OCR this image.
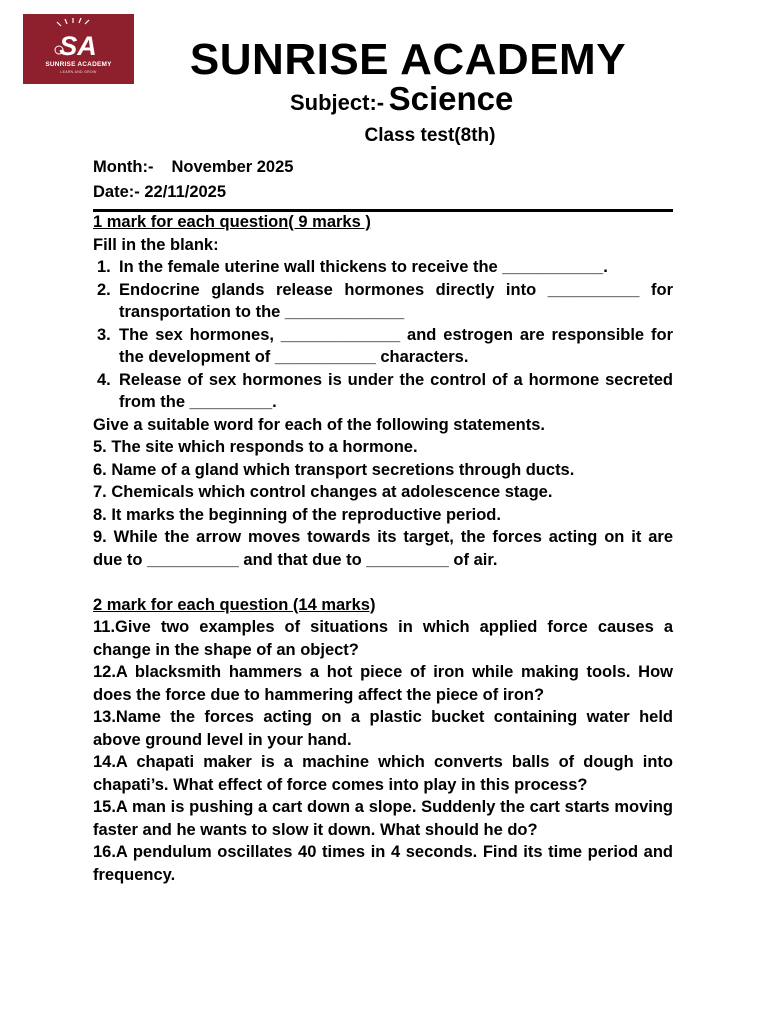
SA
SUNRISE ACADEMY
LEARN AND GROW	SUNRISE ACADEMY
Subject:- Science
Class test(8th)
Month:- November 2025
Date:- 22/11/2025

1 mark for each question( 9 marks )

Fill in the blank:

1. In the female uterine wall thickens to receive the ___________.
2. Endocrine glands release hormones directly into __________ for transportation to the _____________
3. The sex hormones, _____________ and estrogen are responsible for the development of ___________ characters.
4. Release of sex hormones is under the control of a hormone secreted from the _________.

Give a suitable word for each of the following statements.

5. The site which responds to a hormone.

6. Name of a gland which transport secretions through ducts.

7. Chemicals which control changes at adolescence stage.

8. It marks the beginning of the reproductive period.

9. While the arrow moves towards its target, the forces acting on it are due to __________ and that due to _________ of air.

2 mark for each question (14 marks)

11.Give two examples of situations in which applied force causes a change in the shape of an object?

12.A blacksmith hammers a hot piece of iron while making tools. How does the force due to hammering affect the piece of iron?

13.Name the forces acting on a plastic bucket containing water held above ground level in your hand.

14.A chapati maker is a machine which converts balls of dough into chapati’s. What effect of force comes into play in this process?

15.A man is pushing a cart down a slope. Suddenly the cart starts moving faster and he wants to slow it down. What should he do?

16.A pendulum oscillates 40 times in 4 seconds. Find its time period and frequency.
